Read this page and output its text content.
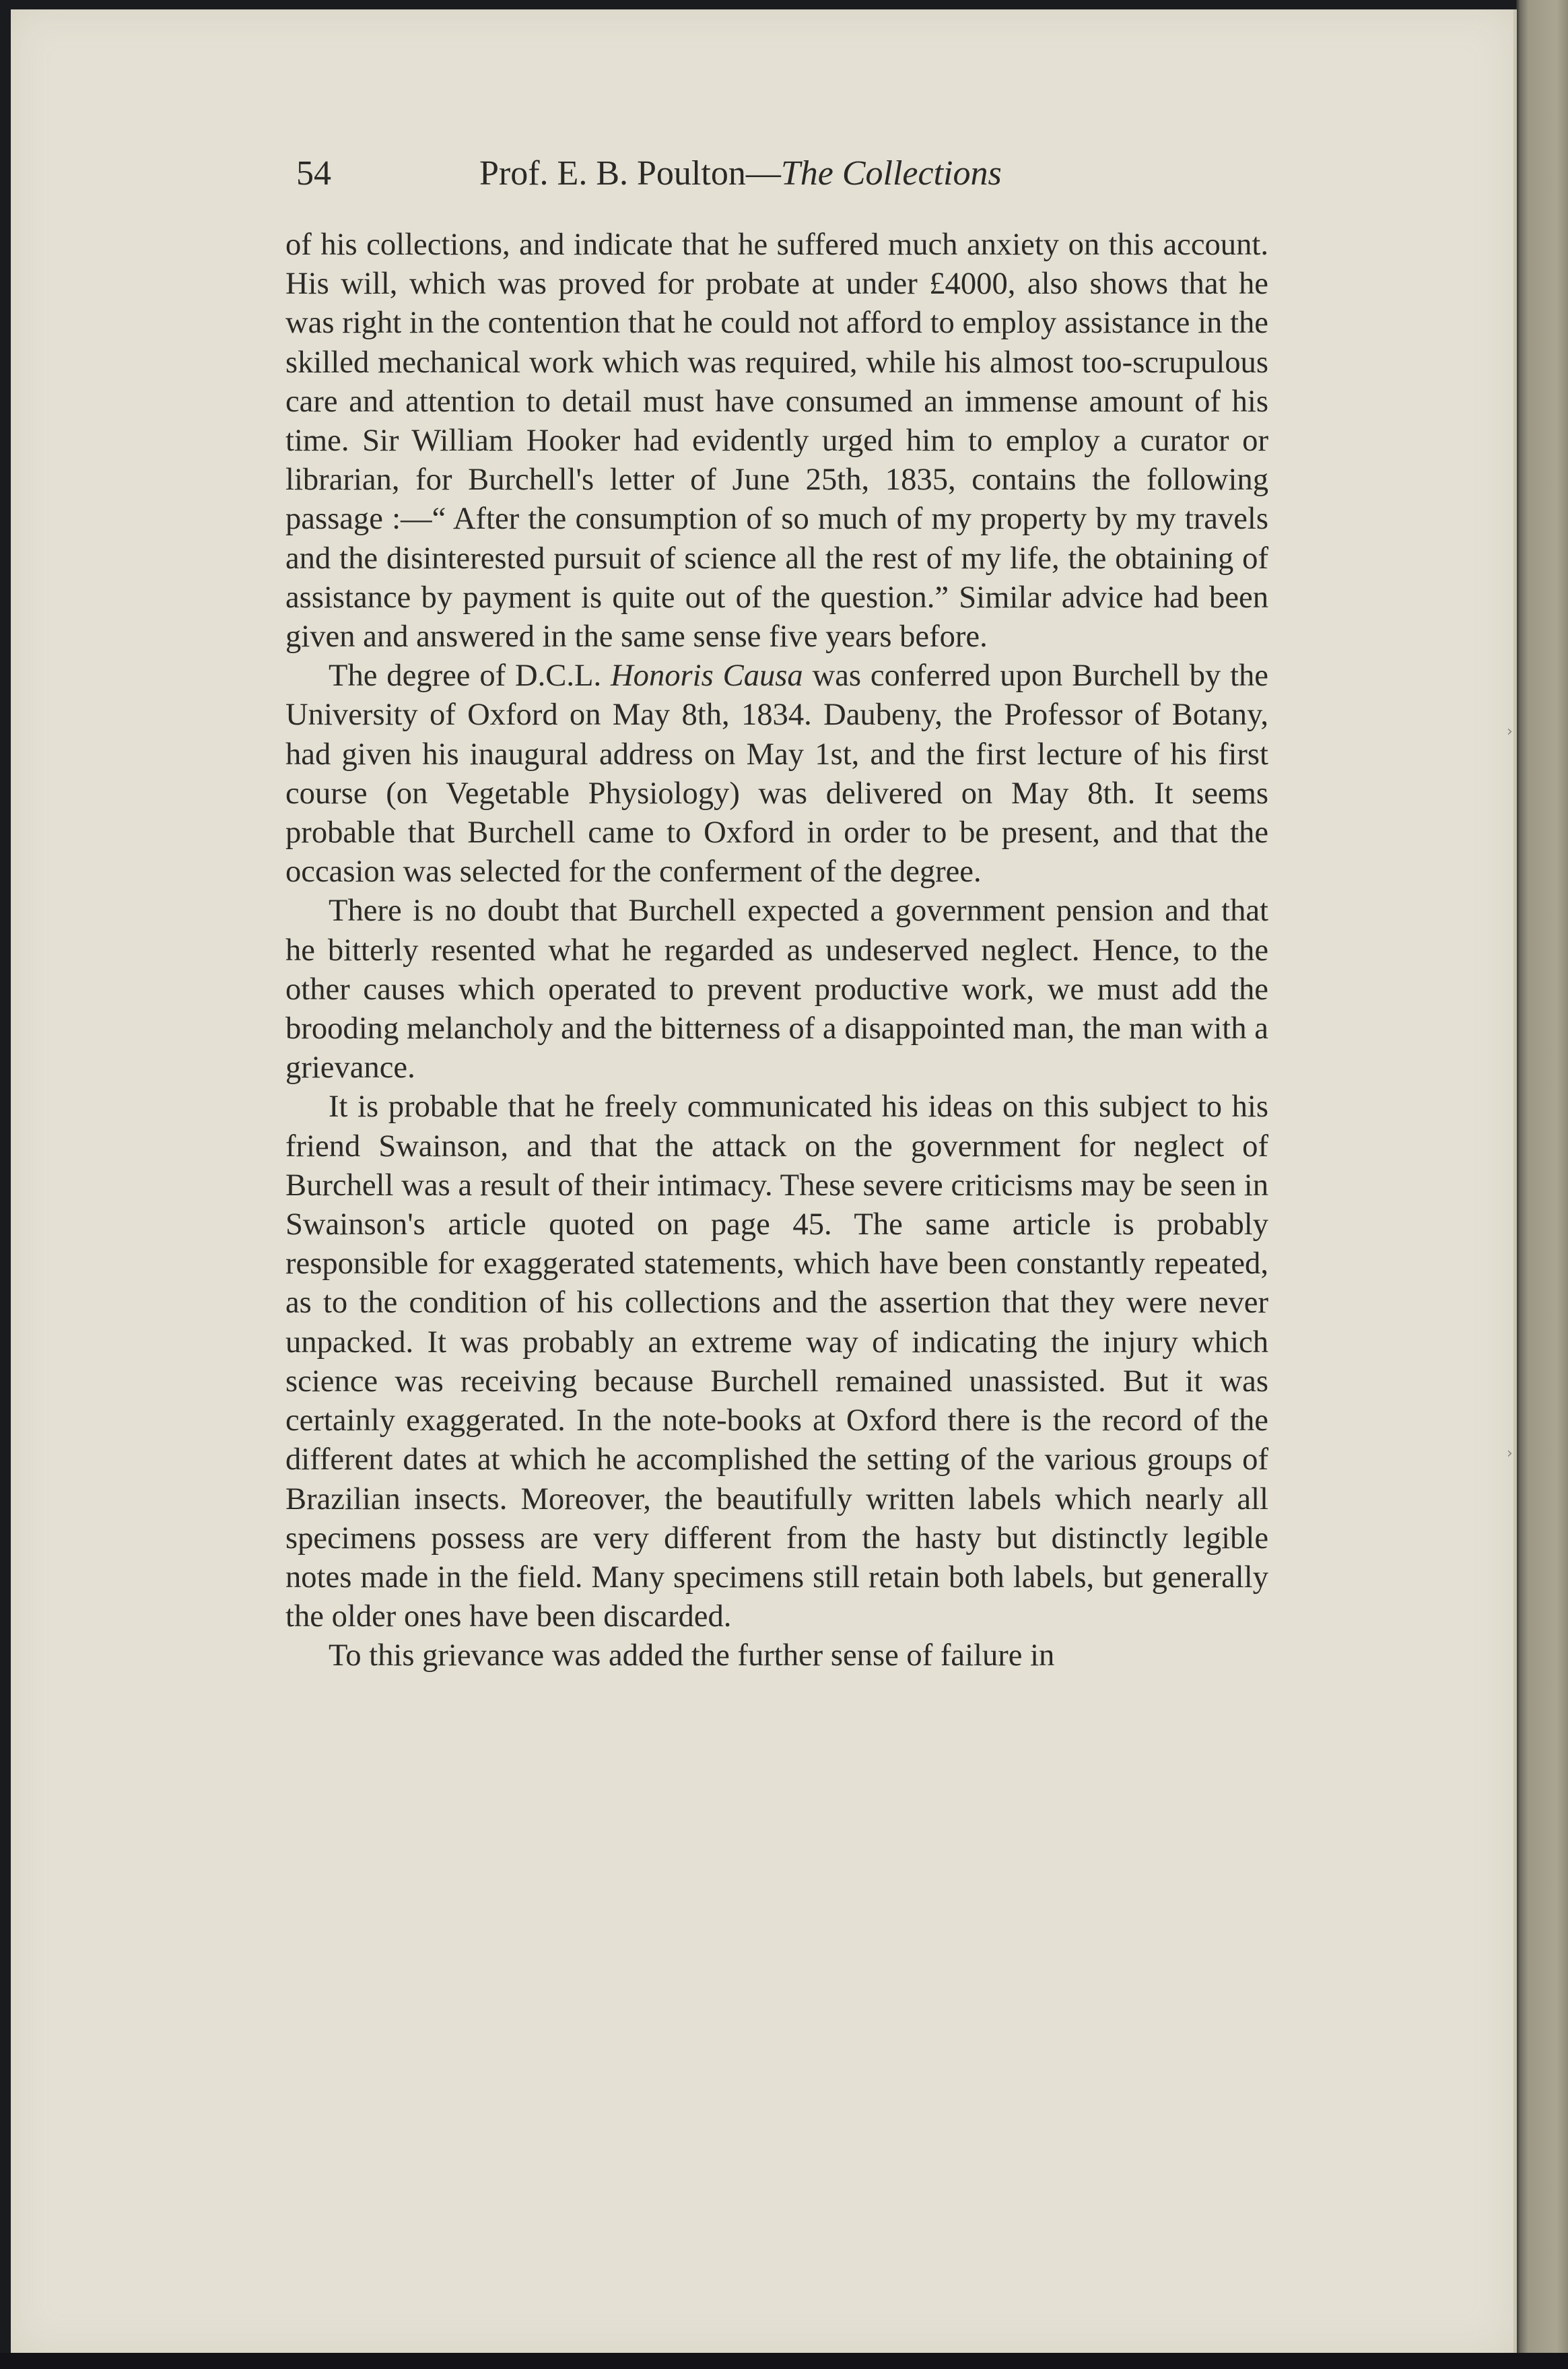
54	Prof. E. B. Poulton—The Collections

of his collections, and indicate that he suffered much anxiety on this account. His will, which was proved for probate at under £4000, also shows that he was right in the contention that he could not afford to employ assistance in the skilled mechanical work which was required, while his almost too-scrupulous care and attention to detail must have consumed an immense amount of his time. Sir William Hooker had evidently urged him to employ a curator or librarian, for Burchell's letter of June 25th, 1835, contains the following passage :—“ After the consumption of so much of my property by my travels and the disinterested pursuit of science all the rest of my life, the obtaining of assistance by payment is quite out of the question.” Similar advice had been given and answered in the same sense five years before.

The degree of D.C.L. Honoris Causa was conferred upon Burchell by the University of Oxford on May 8th, 1834. Daubeny, the Professor of Botany, had given his inaugural address on May 1st, and the first lecture of his first course (on Vegetable Physiology) was delivered on May 8th. It seems probable that Burchell came to Oxford in order to be present, and that the occasion was selected for the conferment of the degree.

There is no doubt that Burchell expected a government pension and that he bitterly resented what he regarded as undeserved neglect. Hence, to the other causes which operated to prevent productive work, we must add the brooding melancholy and the bitterness of a disappointed man, the man with a grievance.

It is probable that he freely communicated his ideas on this subject to his friend Swainson, and that the attack on the government for neglect of Burchell was a result of their intimacy. These severe criticisms may be seen in Swainson's article quoted on page 45. The same article is probably responsible for exaggerated statements, which have been constantly repeated, as to the condition of his collections and the assertion that they were never unpacked. It was probably an extreme way of indicating the injury which science was receiving because Burchell remained unassisted. But it was certainly exaggerated. In the note-books at Oxford there is the record of the different dates at which he accomplished the setting of the various groups of Brazilian insects. Moreover, the beautifully written labels which nearly all specimens possess are very different from the hasty but distinctly legible notes made in the field. Many specimens still retain both labels, but generally the older ones have been discarded.

To this grievance was added the further sense of failure in

›
›
